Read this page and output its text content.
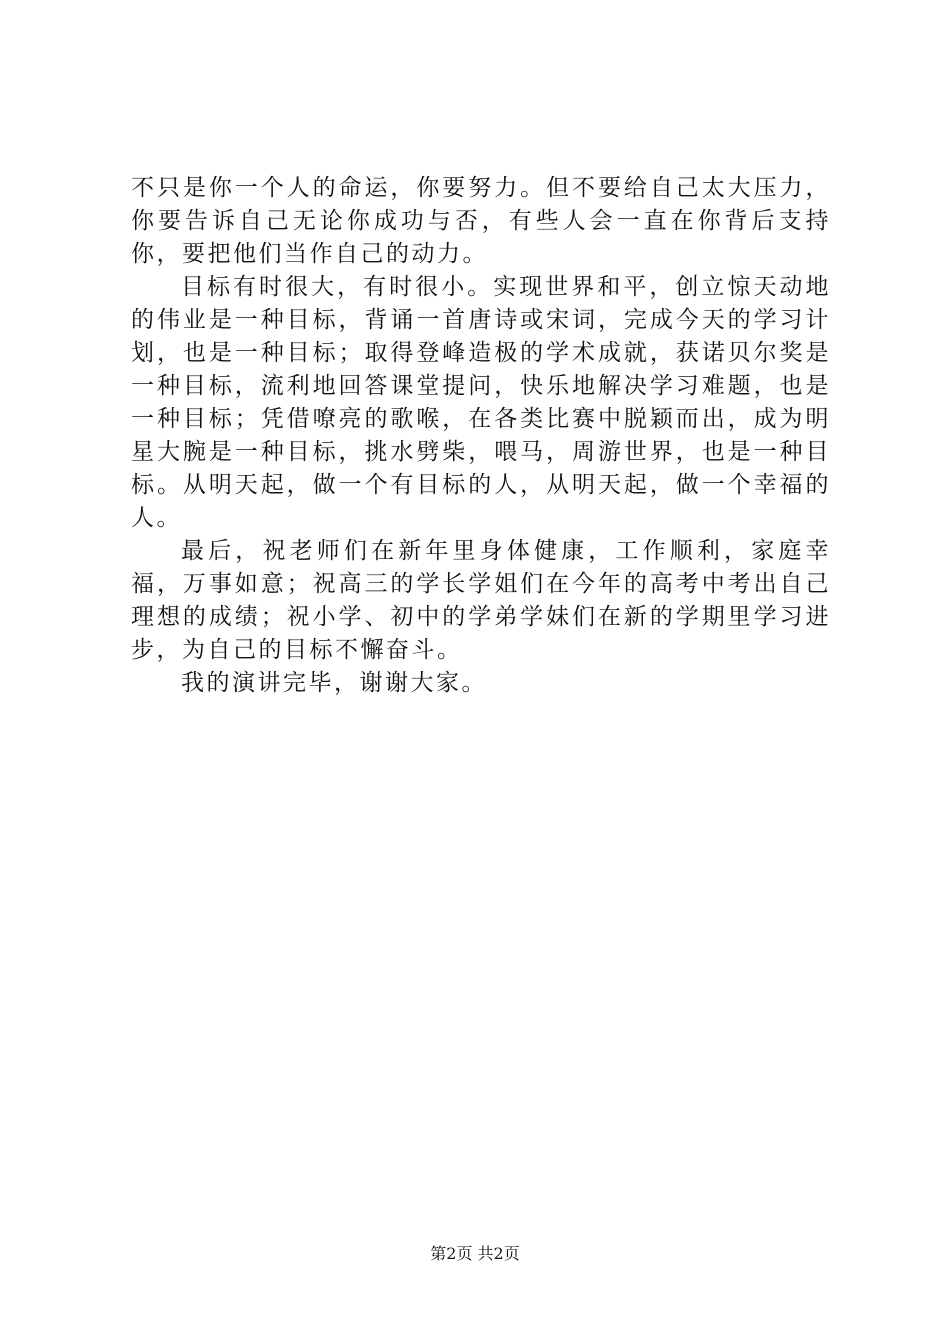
不只是你一个人的命运，你要努力。但不要给自己太大压力，你要告诉自己无论你成功与否，有些人会一直在你背后支持你，要把他们当作自己的动力。

目标有时很大，有时很小。实现世界和平，创立惊天动地的伟业是一种目标，背诵一首唐诗或宋词，完成今天的学习计划，也是一种目标；取得登峰造极的学术成就，获诺贝尔奖是一种目标，流利地回答课堂提问，快乐地解决学习难题，也是一种目标；凭借嘹亮的歌喉，在各类比赛中脱颖而出，成为明星大腕是一种目标，挑水劈柴，喂马，周游世界，也是一种目标。从明天起，做一个有目标的人，从明天起，做一个幸福的人。

最后，祝老师们在新年里身体健康，工作顺利，家庭幸福，万事如意；祝高三的学长学姐们在今年的高考中考出自己理想的成绩；祝小学、初中的学弟学妹们在新的学期里学习进步，为自己的目标不懈奋斗。

我的演讲完毕，谢谢大家。

第2页 共2页
